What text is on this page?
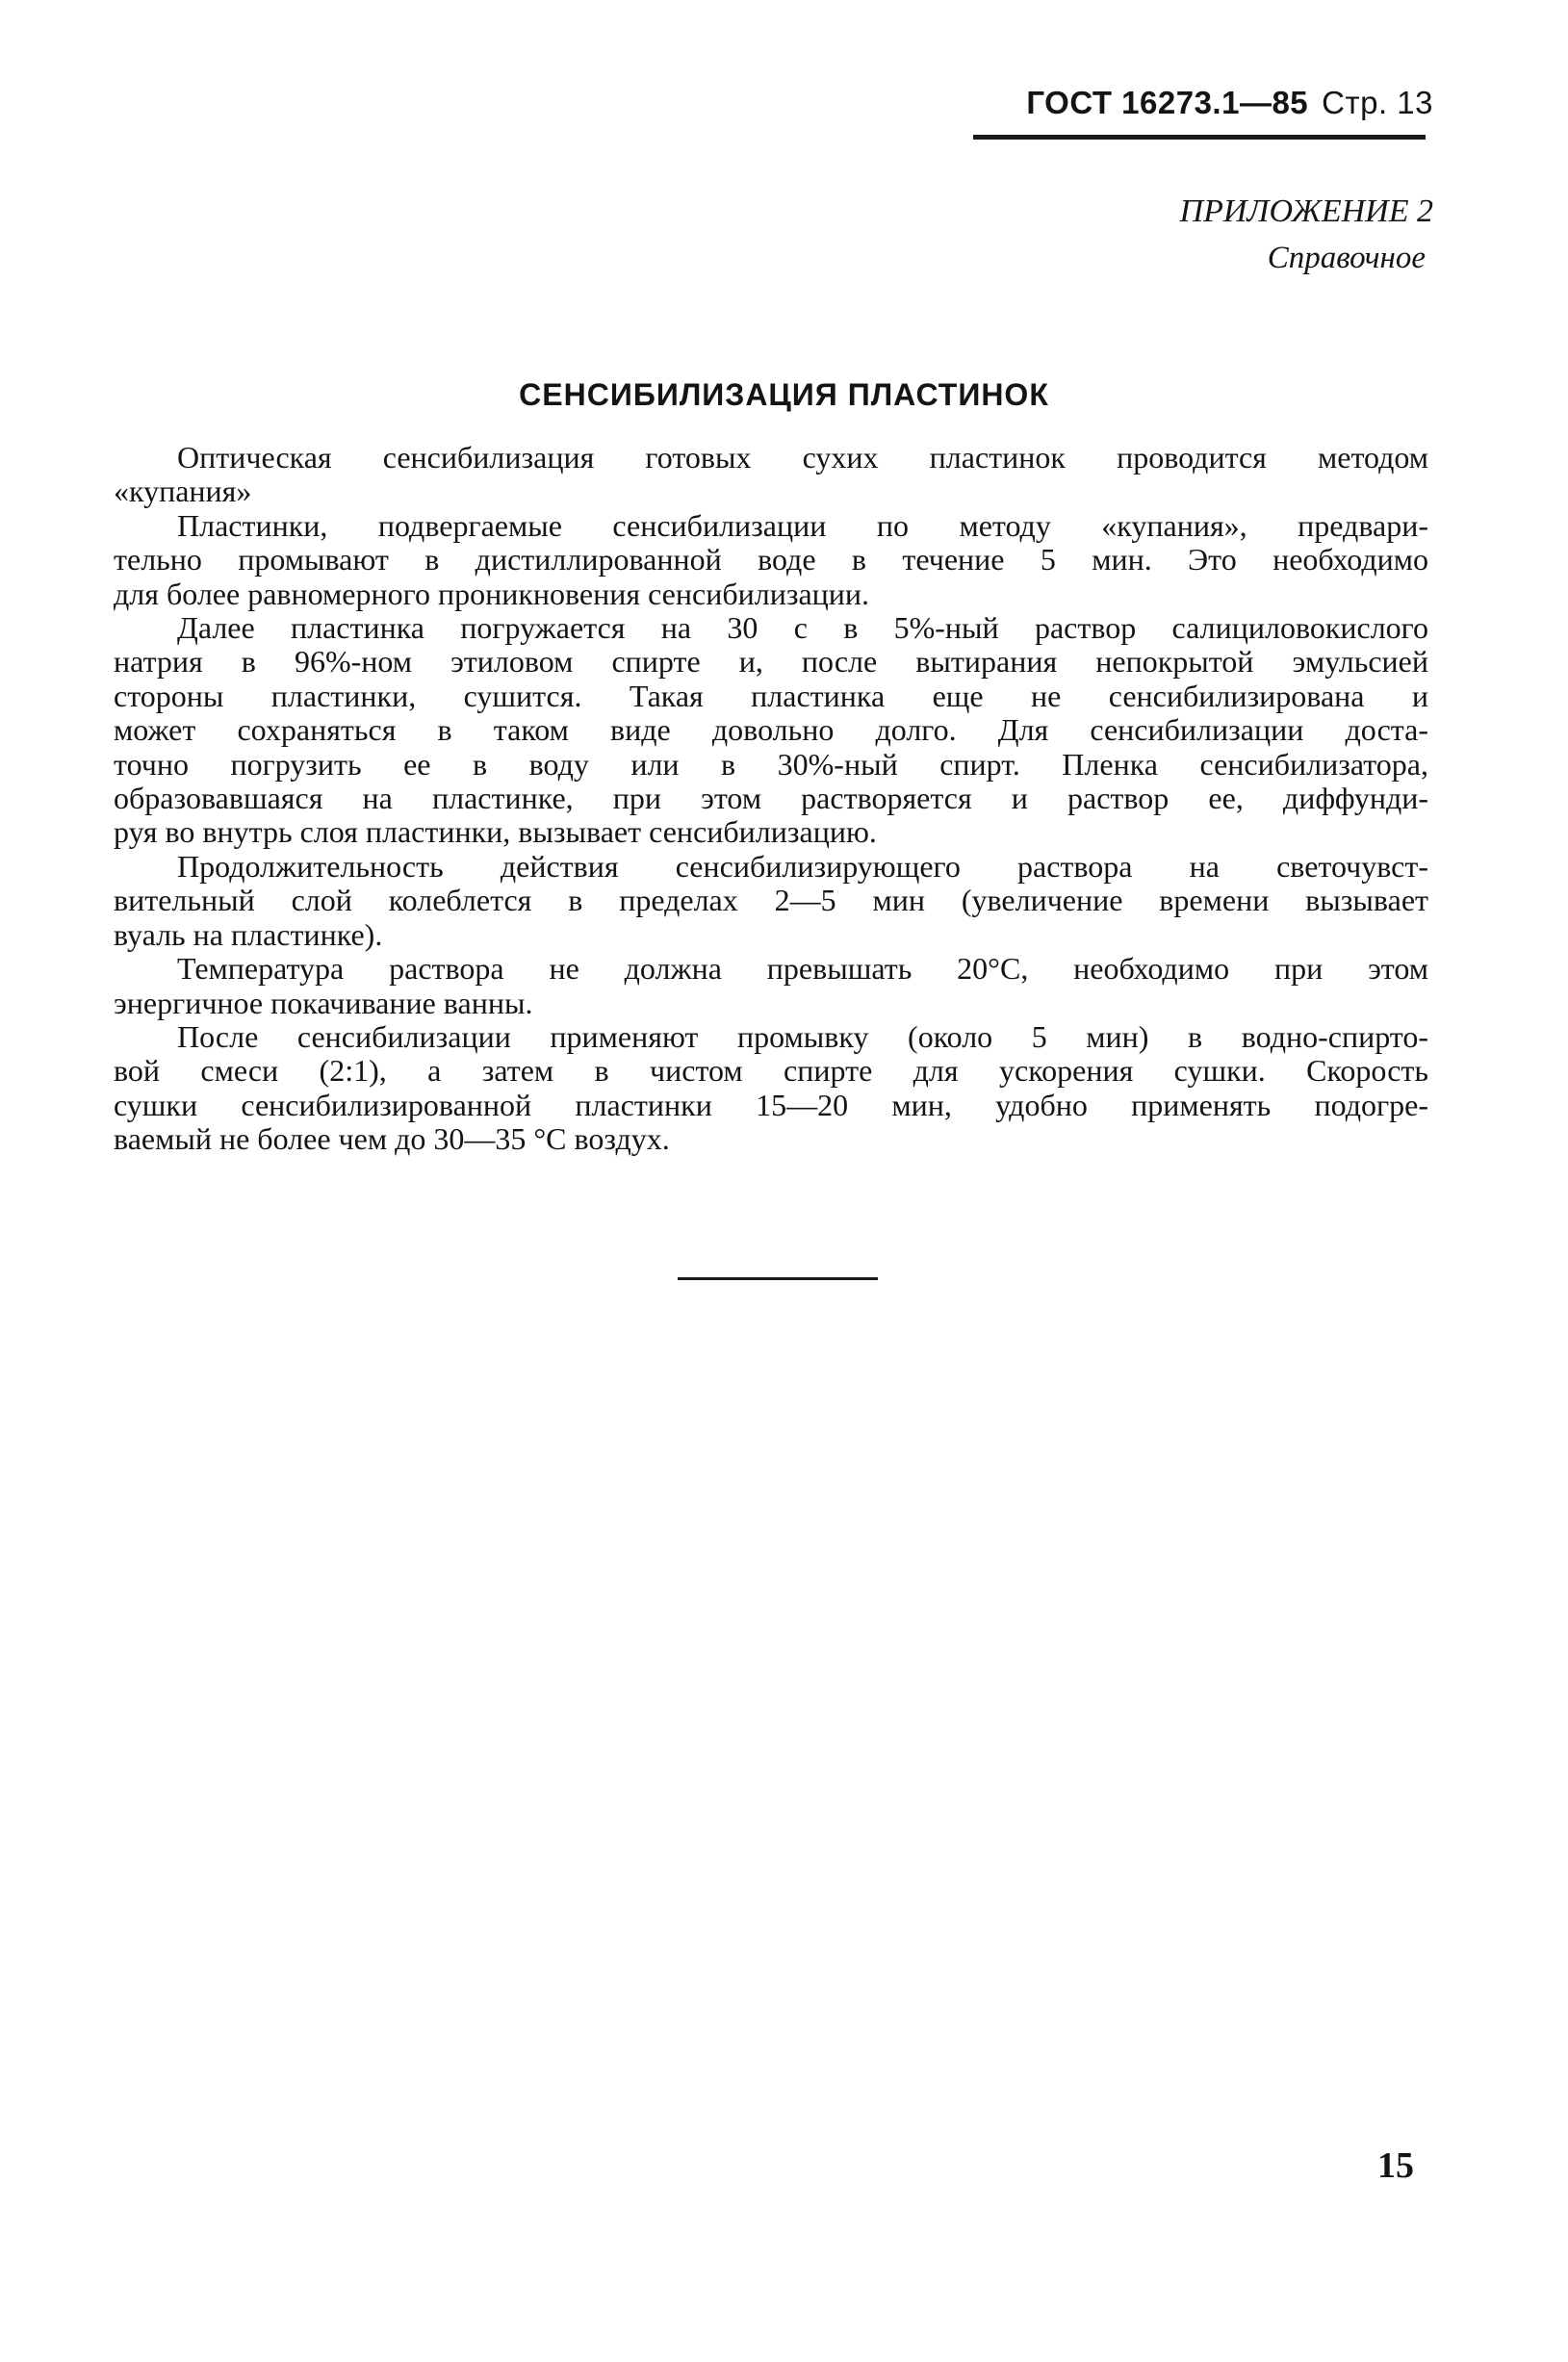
ГОСТ 16273.1—85 Стр. 13
ПРИЛОЖЕНИЕ 2
Справочное
СЕНСИБИЛИЗАЦИЯ ПЛАСТИНОК

Оптическая сенсибилизация готовых сухих пластинок проводится методом
«купания»

Пластинки, подвергаемые сенсибилизации по методу «купания», предвари-
тельно промывают в дистиллированной воде в течение 5 мин. Это необходимо
для более равномерного проникновения сенсибилизации.

Далее пластинка погружается на 30 с в 5%-ный раствор салициловокислого
натрия в 96%-ном этиловом спирте и, после вытирания непокрытой эмульсией
стороны пластинки, сушится. Такая пластинка еще не сенсибилизирована и
может сохраняться в таком виде довольно долго. Для сенсибилизации доста-
точно погрузить ее в воду или в 30%-ный спирт. Пленка сенсибилизатора,
образовавшаяся на пластинке, при этом растворяется и раствор ее, диффунди-
руя во внутрь слоя пластинки, вызывает сенсибилизацию.

Продолжительность действия сенсибилизирующего раствора на светочувст-
вительный слой колеблется в пределах 2—5 мин (увеличение времени вызывает
вуаль на пластинке).

Температура раствора не должна превышать 20°С, необходимо при этом
энергичное покачивание ванны.

После сенсибилизации применяют промывку (около 5 мин) в водно-спирто-
вой смеси (2:1), а затем в чистом спирте для ускорения сушки. Скорость
сушки сенсибилизированной пластинки 15—20 мин, удобно применять подогре-
ваемый не более чем до 30—35 °С воздух.

15
